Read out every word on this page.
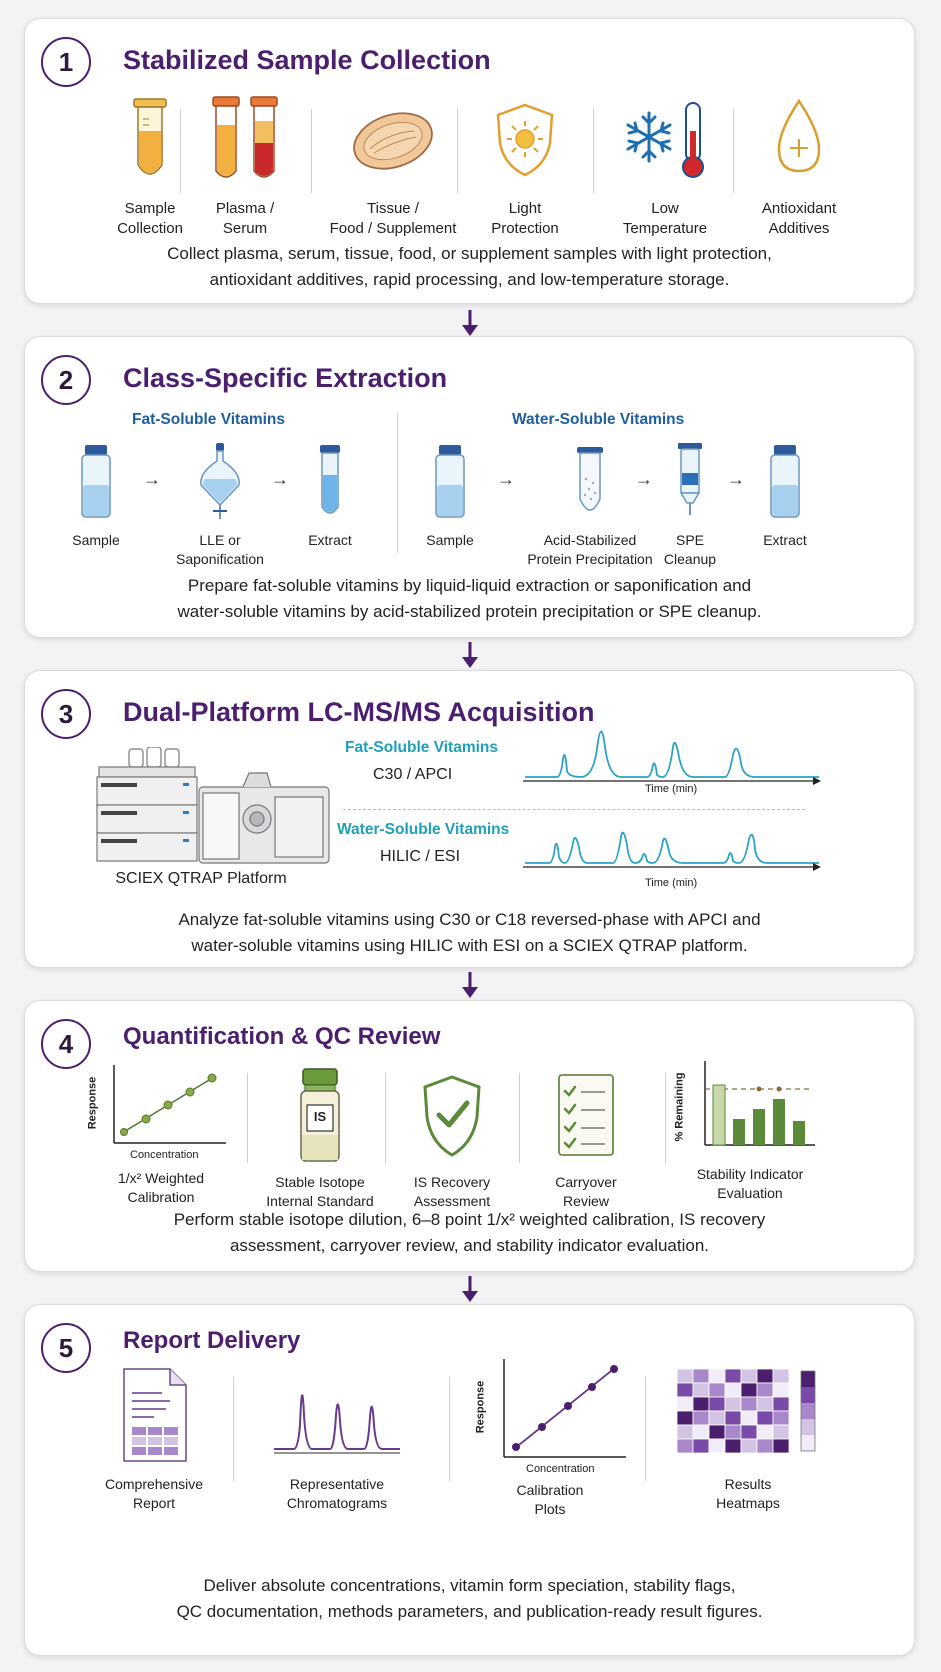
1	Stabilized Sample Collection
Sample
Collection
Plasma /
Serum
Tissue /
Food / Supplement
Light
Protection
Low
Temperature
Antioxidant
Additives
Collect plasma, serum, tissue, food, or supplement samples with light protection,
antioxidant additives, rapid processing, and low-temperature storage.
2	Class-Specific Extraction
Fat-Soluble Vitamins	Water-Soluble Vitamins
Sample
→
LLE or
Saponification
→
Extract	Sample
→
Acid-Stabilized
Protein Precipitation
→
SPE
Cleanup
→
Extract
Prepare fat-soluble vitamins by liquid-liquid extraction or saponification and
water-soluble vitamins by acid-stabilized protein precipitation or SPE cleanup.
3	Dual-Platform LC-MS/MS Acquisition
SCIEX QTRAP Platform
Fat-Soluble Vitamins
C30 / APCI
Time (min)
Water-Soluble Vitamins
HILIC / ESI
Time (min)
Analyze fat-soluble vitamins using C30 or C18 reversed-phase with APCI and
water-soluble vitamins using HILIC with ESI on a SCIEX QTRAP platform.
4	Quantification & QC Review
Response
Concentration
1/x² Weighted
Calibration
IS
Stable Isotope
Internal Standard
IS Recovery
Assessment
Carryover
Review
% Remaining
Stability Indicator
Evaluation
Perform stable isotope dilution, 6–8 point 1/x² weighted calibration, IS recovery
assessment, carryover review, and stability indicator evaluation.
5	Report Delivery
Comprehensive
Report
Representative
Chromatograms
Response
Concentration
Calibration
Plots
Results
Heatmaps
Deliver absolute concentrations, vitamin form speciation, stability flags,
QC documentation, methods parameters, and publication-ready result figures.
